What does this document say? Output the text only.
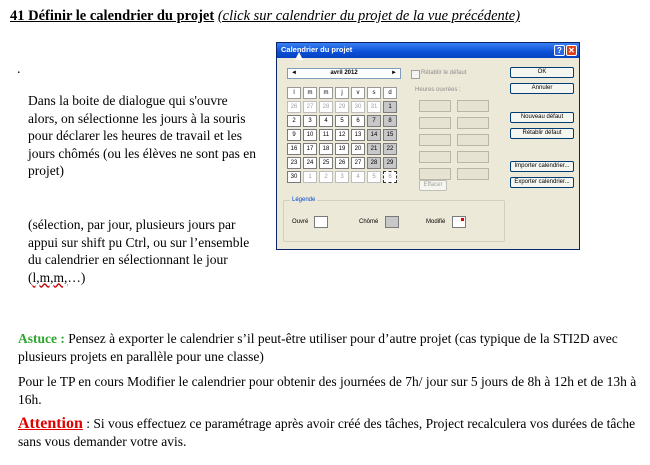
41 Définir le calendrier du projet (click sur calendrier du projet de la vue précédente)
.
Dans la boite de dialogue qui s'ouvre alors, on sélectionne les jours à la souris pour déclarer les heures de travail et les jours chômés (ou les élèves ne sont pas en projet)
(sélection, par jour, plusieurs jours par appui sur shift pu Ctrl, ou sur l’ensemble du calendrier en sélectionnant le jour (l,m,m,…)
Calendrier du projet	? ✕
◄	avril 2012	►
l	m	m	j	v	s	d
26	27	28	29	30	31	1
2	3	4	5	6	7	8
9	10	11	12	13	14	15
16	17	18	19	20	21	22
23	24	25	26	27	28	29
30	1	2	3	4	5	6
Rétablir le défaut
Heures ouvrées :
Effacer
OK
Annuler
Nouveau défaut
Rétablir défaut
Importer calendrier...
Exporter calendrier...
Légende
Ouvré	Chômé	Modifié
Astuce : Pensez à exporter le calendrier s’il peut-être utiliser pour d’autre projet (cas typique de la STI2D avec plusieurs projets en parallèle pour une classe)
Pour le TP en cours Modifier le calendrier pour obtenir des journées de 7h/ jour sur 5 jours de 8h à 12h et de 13h à 16h.
Attention : Si vous effectuez ce paramétrage après avoir créé des tâches, Project recalculera vos durées de tâche sans vous demander votre avis.
